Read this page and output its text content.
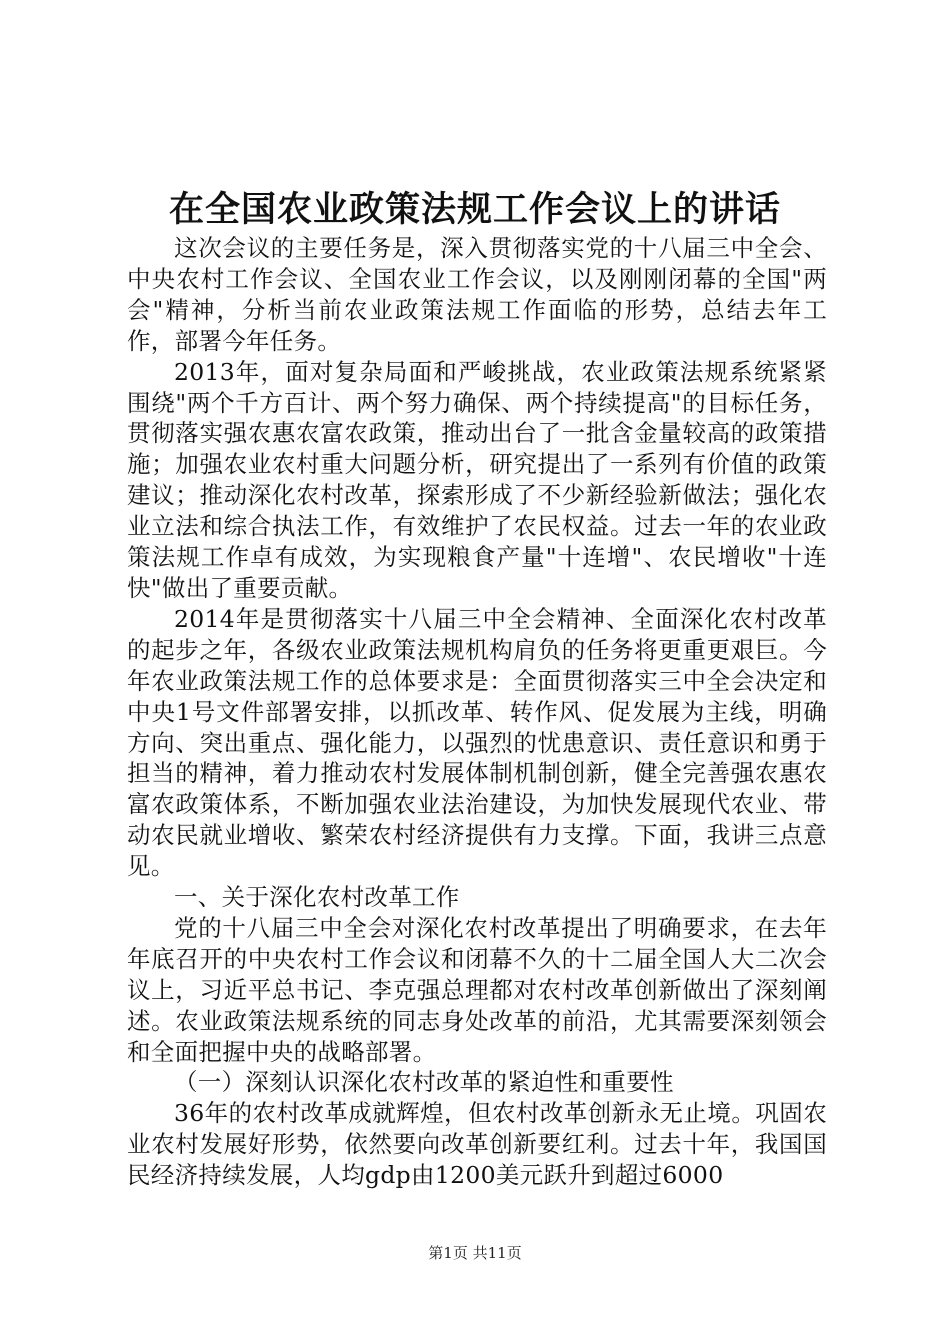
在全国农业政策法规工作会议上的讲话

这次会议的主要任务是，深入贯彻落实党的十八届三中全会、中央农村工作会议、全国农业工作会议，以及刚刚闭幕的全国"两会"精神，分析当前农业政策法规工作面临的形势，总结去年工作，部署今年任务。

2013年，面对复杂局面和严峻挑战，农业政策法规系统紧紧围绕"两个千方百计、两个努力确保、两个持续提高"的目标任务，贯彻落实强农惠农富农政策，推动出台了一批含金量较高的政策措施；加强农业农村重大问题分析，研究提出了一系列有价值的政策建议；推动深化农村改革，探索形成了不少新经验新做法；强化农业立法和综合执法工作，有效维护了农民权益。过去一年的农业政策法规工作卓有成效，为实现粮食产量"十连增"、农民增收"十连快"做出了重要贡献。

2014年是贯彻落实十八届三中全会精神、全面深化农村改革的起步之年，各级农业政策法规机构肩负的任务将更重更艰巨。今年农业政策法规工作的总体要求是：全面贯彻落实三中全会决定和中央1号文件部署安排，以抓改革、转作风、促发展为主线，明确方向、突出重点、强化能力，以强烈的忧患意识、责任意识和勇于担当的精神，着力推动农村发展体制机制创新，健全完善强农惠农富农政策体系，不断加强农业法治建设，为加快发展现代农业、带动农民就业增收、繁荣农村经济提供有力支撑。下面，我讲三点意见。

一、关于深化农村改革工作

党的十八届三中全会对深化农村改革提出了明确要求，在去年年底召开的中央农村工作会议和闭幕不久的十二届全国人大二次会议上，习近平总书记、李克强总理都对农村改革创新做出了深刻阐述。农业政策法规系统的同志身处改革的前沿，尤其需要深刻领会和全面把握中央的战略部署。

（一）深刻认识深化农村改革的紧迫性和重要性

36年的农村改革成就辉煌，但农村改革创新永无止境。巩固农业农村发展好形势，依然要向改革创新要红利。过去十年，我国国民经济持续发展，人均gdp由1200美元跃升到超过6000

第1页 共11页
